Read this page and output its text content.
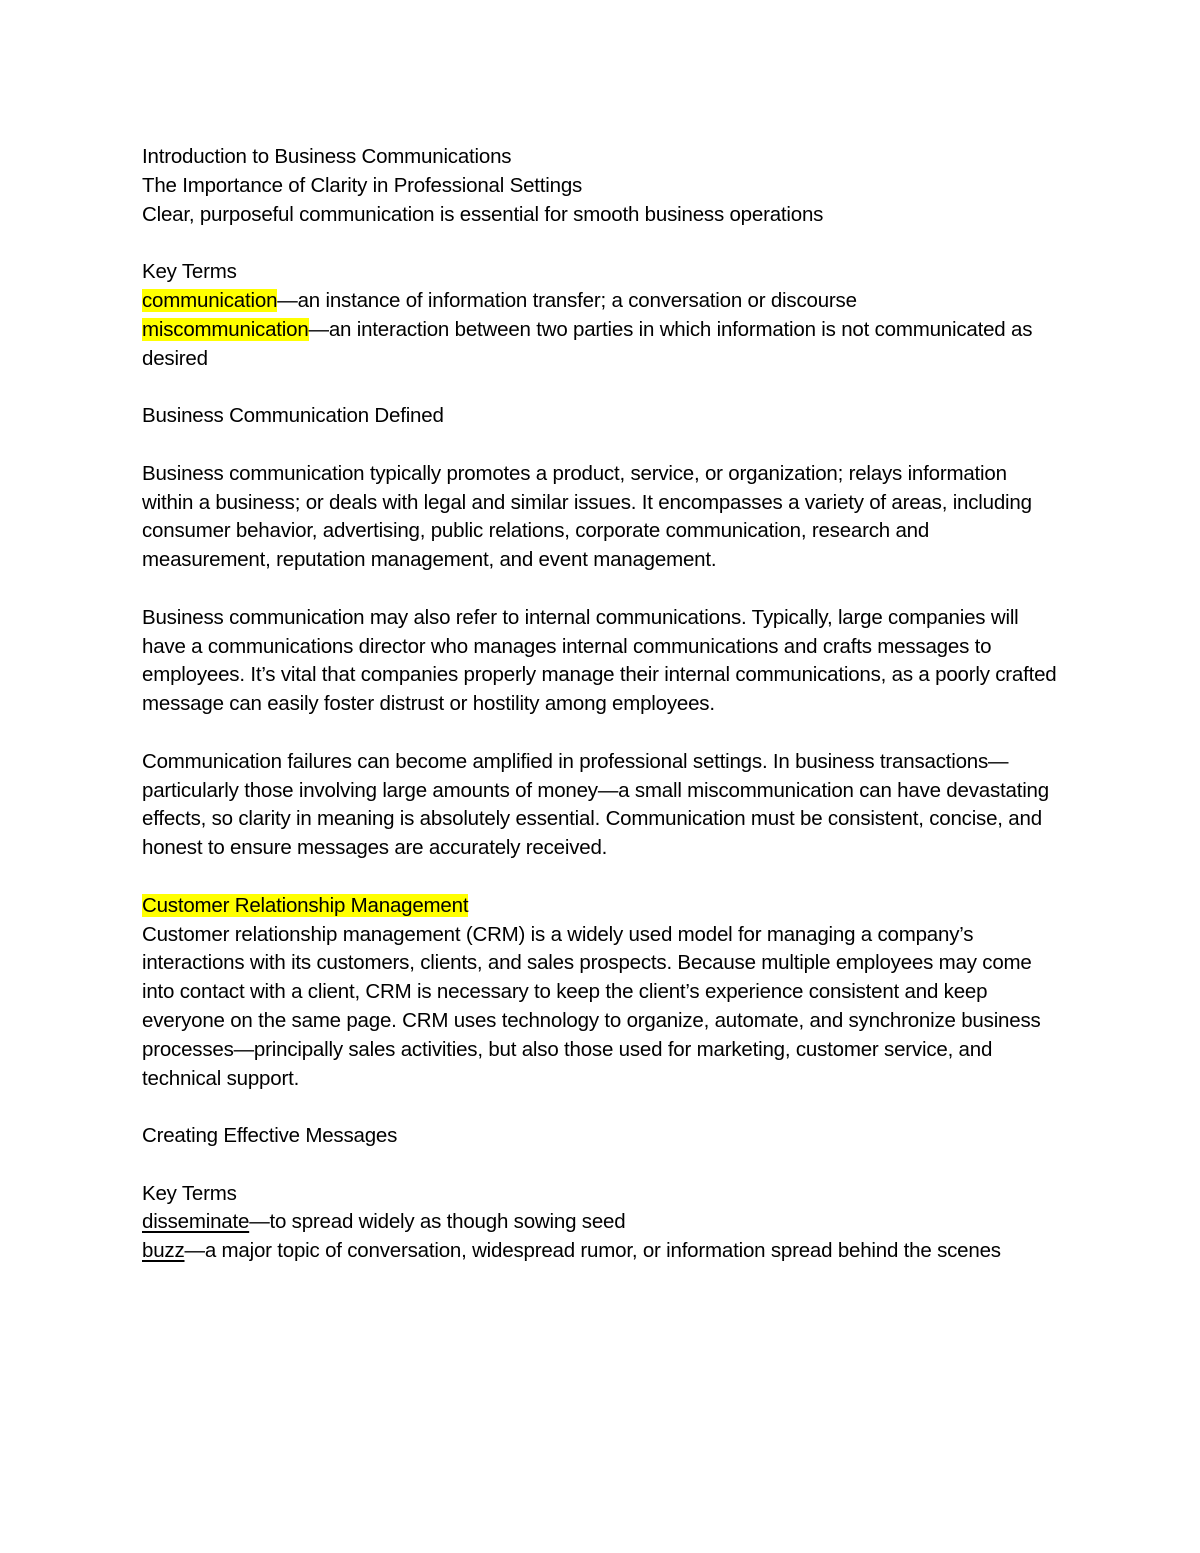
Introduction to Business Communications

The Importance of Clarity in Professional Settings

Clear, purposeful communication is essential for smooth business operations

Key Terms

communication—an instance of information transfer; a conversation or discourse

miscommunication—an interaction between two parties in which information is not communicated as desired

Business Communication Defined

Business communication typically promotes a product, service, or organization; relays information within a business; or deals with legal and similar issues. It encompasses a variety of areas, including consumer behavior, advertising, public relations, corporate communication, research and measurement, reputation management, and event management.

Business communication may also refer to internal communications. Typically, large companies will have a communications director who manages internal communications and crafts messages to employees. It’s vital that companies properly manage their internal communications, as a poorly crafted message can easily foster distrust or hostility among employees.

Communication failures can become amplified in professional settings. In business transactions—particularly those involving large amounts of money—a small miscommunication can have devastating effects, so clarity in meaning is absolutely essential. Communication must be consistent, concise, and honest to ensure messages are accurately received.

Customer Relationship Management

Customer relationship management (CRM) is a widely used model for managing a company’s interactions with its customers, clients, and sales prospects. Because multiple employees may come into contact with a client, CRM is necessary to keep the client’s experience consistent and keep everyone on the same page. CRM uses technology to organize, automate, and synchronize business processes—principally sales activities, but also those used for marketing, customer service, and technical support.

Creating Effective Messages

Key Terms

disseminate—to spread widely as though sowing seed

buzz—a major topic of conversation, widespread rumor, or information spread behind the scenes
